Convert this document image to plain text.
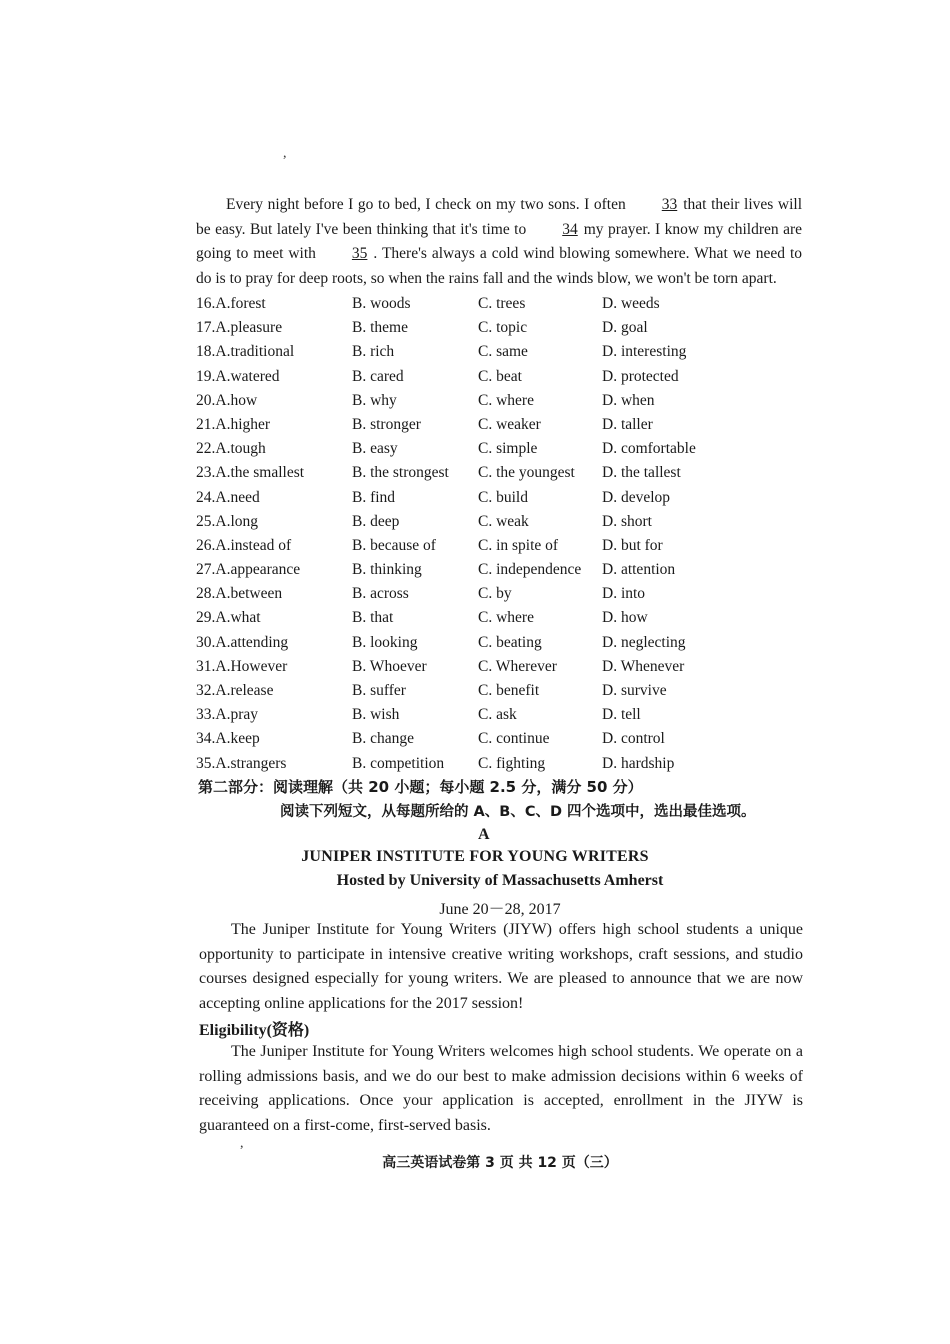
,
,

Every night before I go to bed, I check on my two sons. I often 33 that their lives will be easy. But lately I've been thinking that it's time to 34 my prayer. I know my children are going to meet with 35 . There's always a cold wind blowing somewhere. What we need to do is to pray for deep roots, so when the rains fall and the winds blow, we won't be torn apart.

16.A.forest	B. woods	C. trees	D. weeds
17.A.pleasure	B. theme	C. topic	D. goal
18.A.traditional	B. rich	C. same	D. interesting
19.A.watered	B. cared	C. beat	D. protected
20.A.how	B. why	C. where	D. when
21.A.higher	B. stronger	C. weaker	D. taller
22.A.tough	B. easy	C. simple	D. comfortable
23.A.the smallest	B. the strongest C. the youngest D. the tallest
24.A.need	B. find	C. build	D. develop
25.A.long	B. deep	C. weak	D. short
26.A.instead of	B. because of	C. in spite of	D. but for
27.A.appearance	B. thinking	C. independence D. attention
28.A.between	B. across	C. by	D. into
29.A.what	B. that	C. where	D. how
30.A.attending	B. looking	C. beating	D. neglecting
31.A.However	B. Whoever	C. Wherever	D. Whenever
32.A.release	B. suffer	C. benefit	D. survive
33.A.pray	B. wish	C. ask	D. tell
34.A.keep	B. change	C. continue	D. control
35.A.strangers	B. competition C. fighting	D. hardship
第二部分：阅读理解（共 20 小题；每小题 2.5 分，满分 50 分）
阅读下列短文，从每题所给的 A、B、C、D 四个选项中，选出最佳选项。
A
JUNIPER INSTITUTE FOR YOUNG WRITERS
Hosted by University of Massachusetts Amherst
June 20－28, 2017

The Juniper Institute for Young Writers (JIYW) offers high school students a unique opportunity to participate in intensive creative writing workshops, craft sessions, and studio courses designed especially for young writers. We are pleased to announce that we are now accepting online applications for the 2017 session!

Eligibility(资格)

The Juniper Institute for Young Writers welcomes high school students. We operate on a rolling admissions basis, and we do our best to make admission decisions within 6 weeks of receiving applications. Once your application is accepted, enrollment in the JIYW is guaranteed on a first-come, first-served basis.

高三英语试卷第 3 页 共 12 页（三）
